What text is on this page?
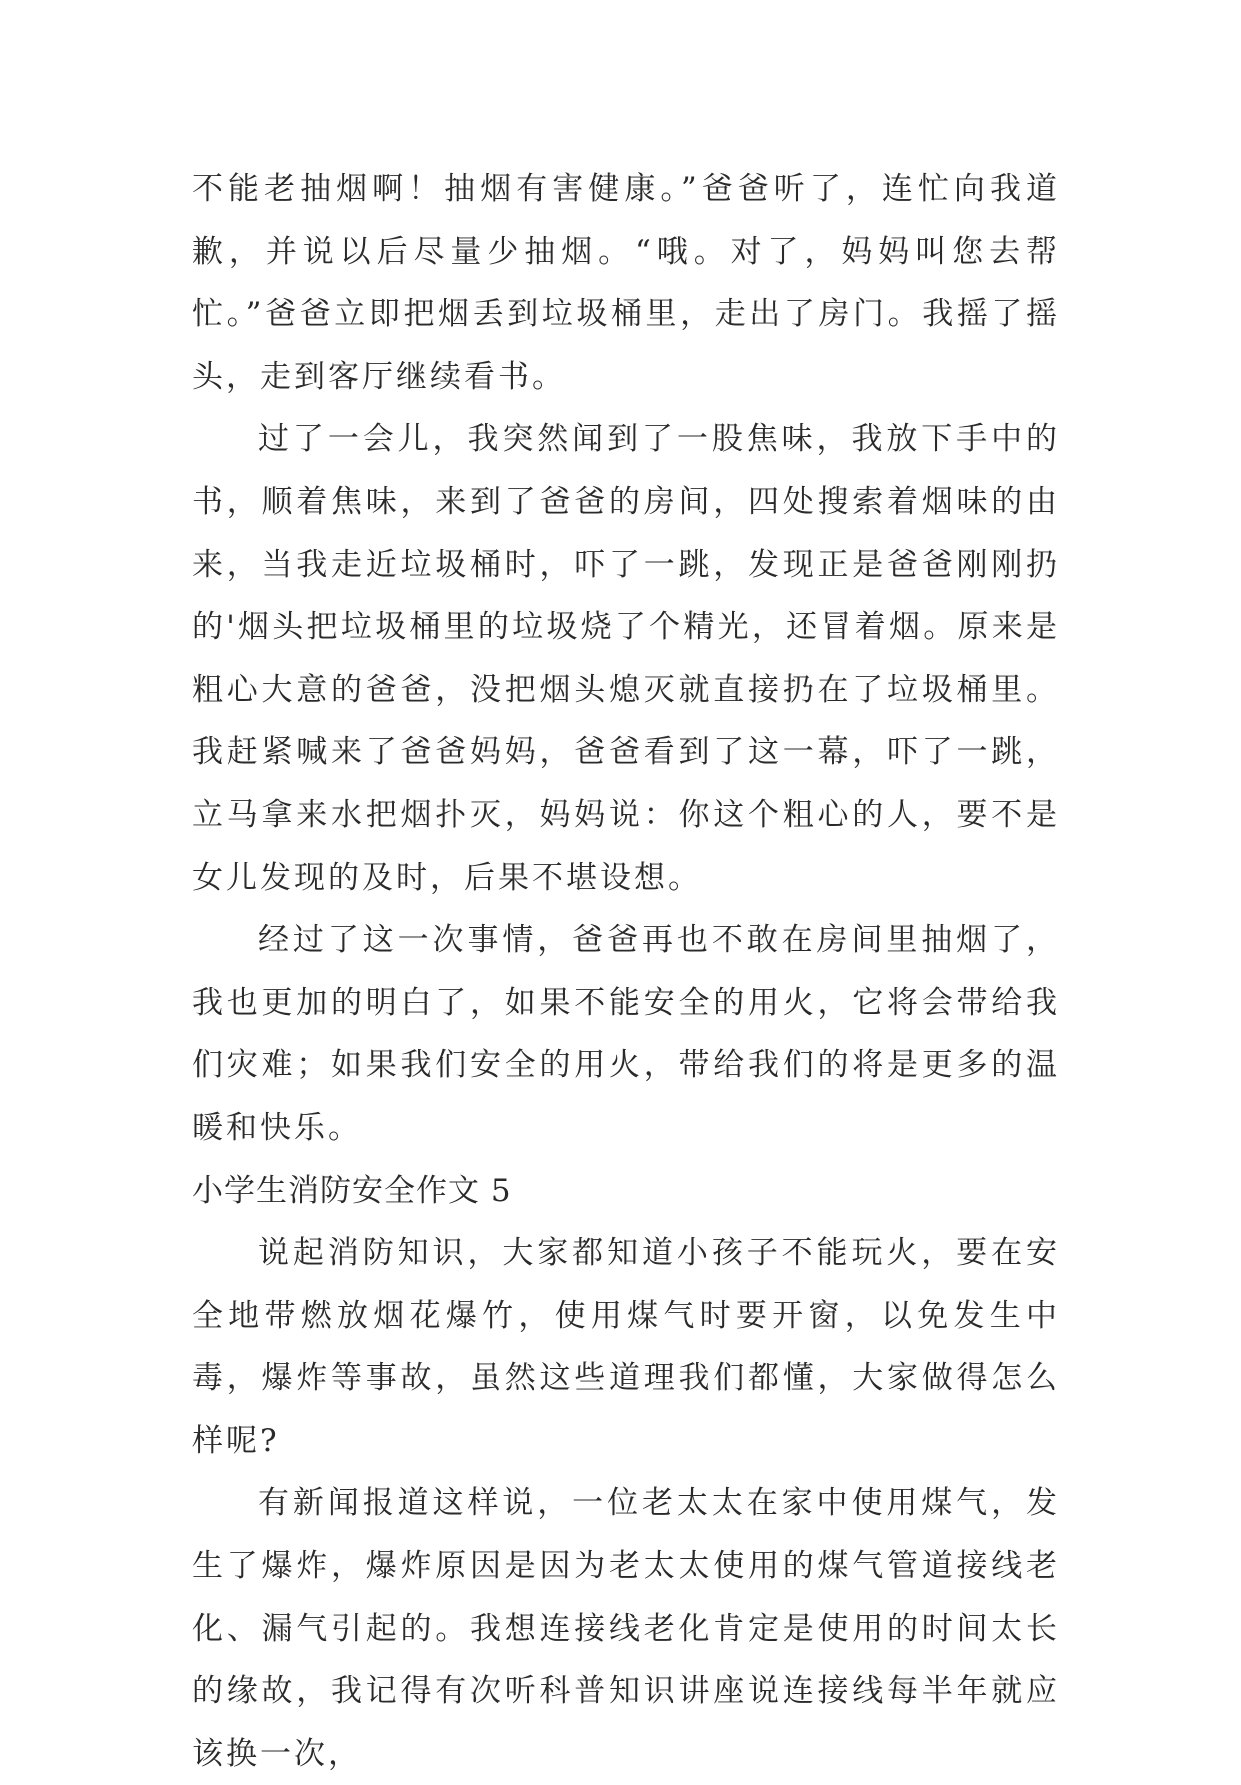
不能老抽烟啊！抽烟有害健康。”爸爸听了，连忙向我道歉，并说以后尽量少抽烟。“哦。对了，妈妈叫您去帮忙。”爸爸立即把烟丢到垃圾桶里，走出了房门。我摇了摇头，走到客厅继续看书。

过了一会儿，我突然闻到了一股焦味，我放下手中的书，顺着焦味，来到了爸爸的房间，四处搜索着烟味的由来，当我走近垃圾桶时，吓了一跳，发现正是爸爸刚刚扔的'烟头把垃圾桶里的垃圾烧了个精光，还冒着烟。原来是粗心大意的爸爸，没把烟头熄灭就直接扔在了垃圾桶里。我赶紧喊来了爸爸妈妈，爸爸看到了这一幕，吓了一跳，立马拿来水把烟扑灭，妈妈说：你这个粗心的人，要不是女儿发现的及时，后果不堪设想。

经过了这一次事情，爸爸再也不敢在房间里抽烟了，我也更加的明白了，如果不能安全的用火，它将会带给我们灾难；如果我们安全的用火，带给我们的将是更多的温暖和快乐。

小学生消防安全作文 5

说起消防知识，大家都知道小孩子不能玩火，要在安全地带燃放烟花爆竹，使用煤气时要开窗，以免发生中毒，爆炸等事故，虽然这些道理我们都懂，大家做得怎么样呢?

有新闻报道这样说，一位老太太在家中使用煤气，发生了爆炸，爆炸原因是因为老太太使用的煤气管道接线老化、漏气引起的。我想连接线老化肯定是使用的时间太长的缘故，我记得有次听科普知识讲座说连接线每半年就应该换一次，
